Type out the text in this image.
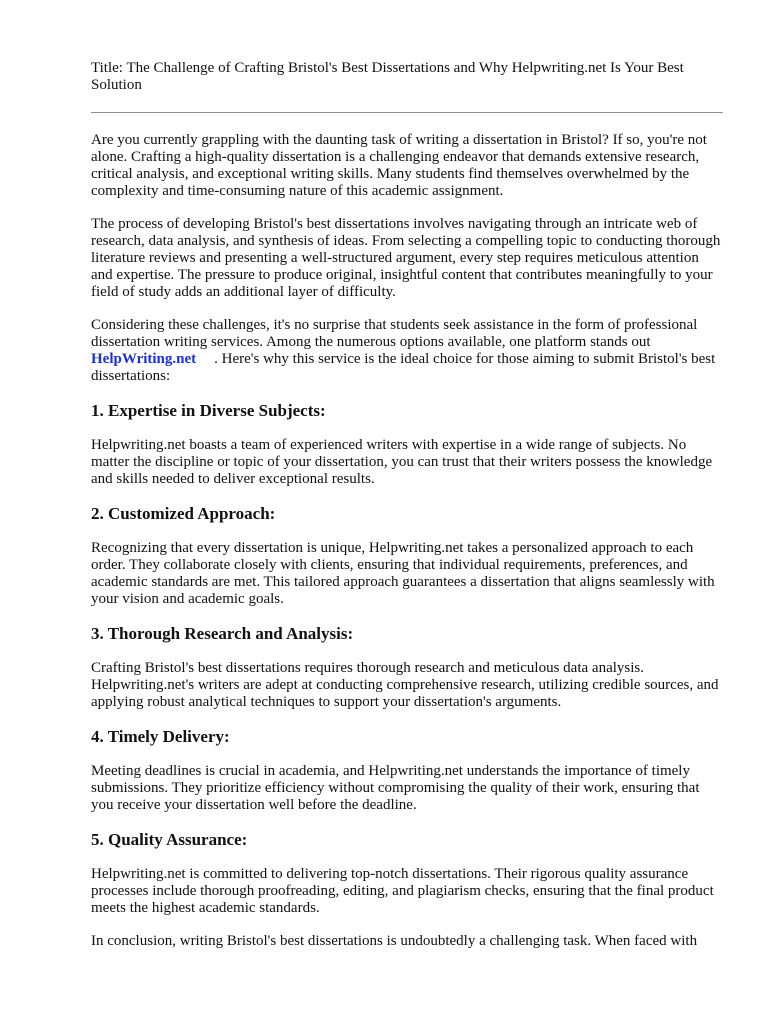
Title: The Challenge of Crafting Bristol's Best Dissertations and Why Helpwriting.net Is Your Best Solution

Are you currently grappling with the daunting task of writing a dissertation in Bristol? If so, you're not alone. Crafting a high-quality dissertation is a challenging endeavor that demands extensive research, critical analysis, and exceptional writing skills. Many students find themselves overwhelmed by the complexity and time-consuming nature of this academic assignment.

The process of developing Bristol's best dissertations involves navigating through an intricate web of research, data analysis, and synthesis of ideas. From selecting a compelling topic to conducting thorough literature reviews and presenting a well-structured argument, every step requires meticulous attention and expertise. The pressure to produce original, insightful content that contributes meaningfully to your field of study adds an additional layer of difficulty.

Considering these challenges, it's no surprise that students seek assistance in the form of professional dissertation writing services. Among the numerous options available, one platform stands out
HelpWriting.net . Here's why this service is the ideal choice for those aiming to submit Bristol's best dissertations:

1. Expertise in Diverse Subjects:

Helpwriting.net boasts a team of experienced writers with expertise in a wide range of subjects. No matter the discipline or topic of your dissertation, you can trust that their writers possess the knowledge and skills needed to deliver exceptional results.

2. Customized Approach:

Recognizing that every dissertation is unique, Helpwriting.net takes a personalized approach to each order. They collaborate closely with clients, ensuring that individual requirements, preferences, and academic standards are met. This tailored approach guarantees a dissertation that aligns seamlessly with your vision and academic goals.

3. Thorough Research and Analysis:

Crafting Bristol's best dissertations requires thorough research and meticulous data analysis. Helpwriting.net's writers are adept at conducting comprehensive research, utilizing credible sources, and applying robust analytical techniques to support your dissertation's arguments.

4. Timely Delivery:

Meeting deadlines is crucial in academia, and Helpwriting.net understands the importance of timely submissions. They prioritize efficiency without compromising the quality of their work, ensuring that you receive your dissertation well before the deadline.

5. Quality Assurance:

Helpwriting.net is committed to delivering top-notch dissertations. Their rigorous quality assurance processes include thorough proofreading, editing, and plagiarism checks, ensuring that the final product meets the highest academic standards.

In conclusion, writing Bristol's best dissertations is undoubtedly a challenging task. When faced with
